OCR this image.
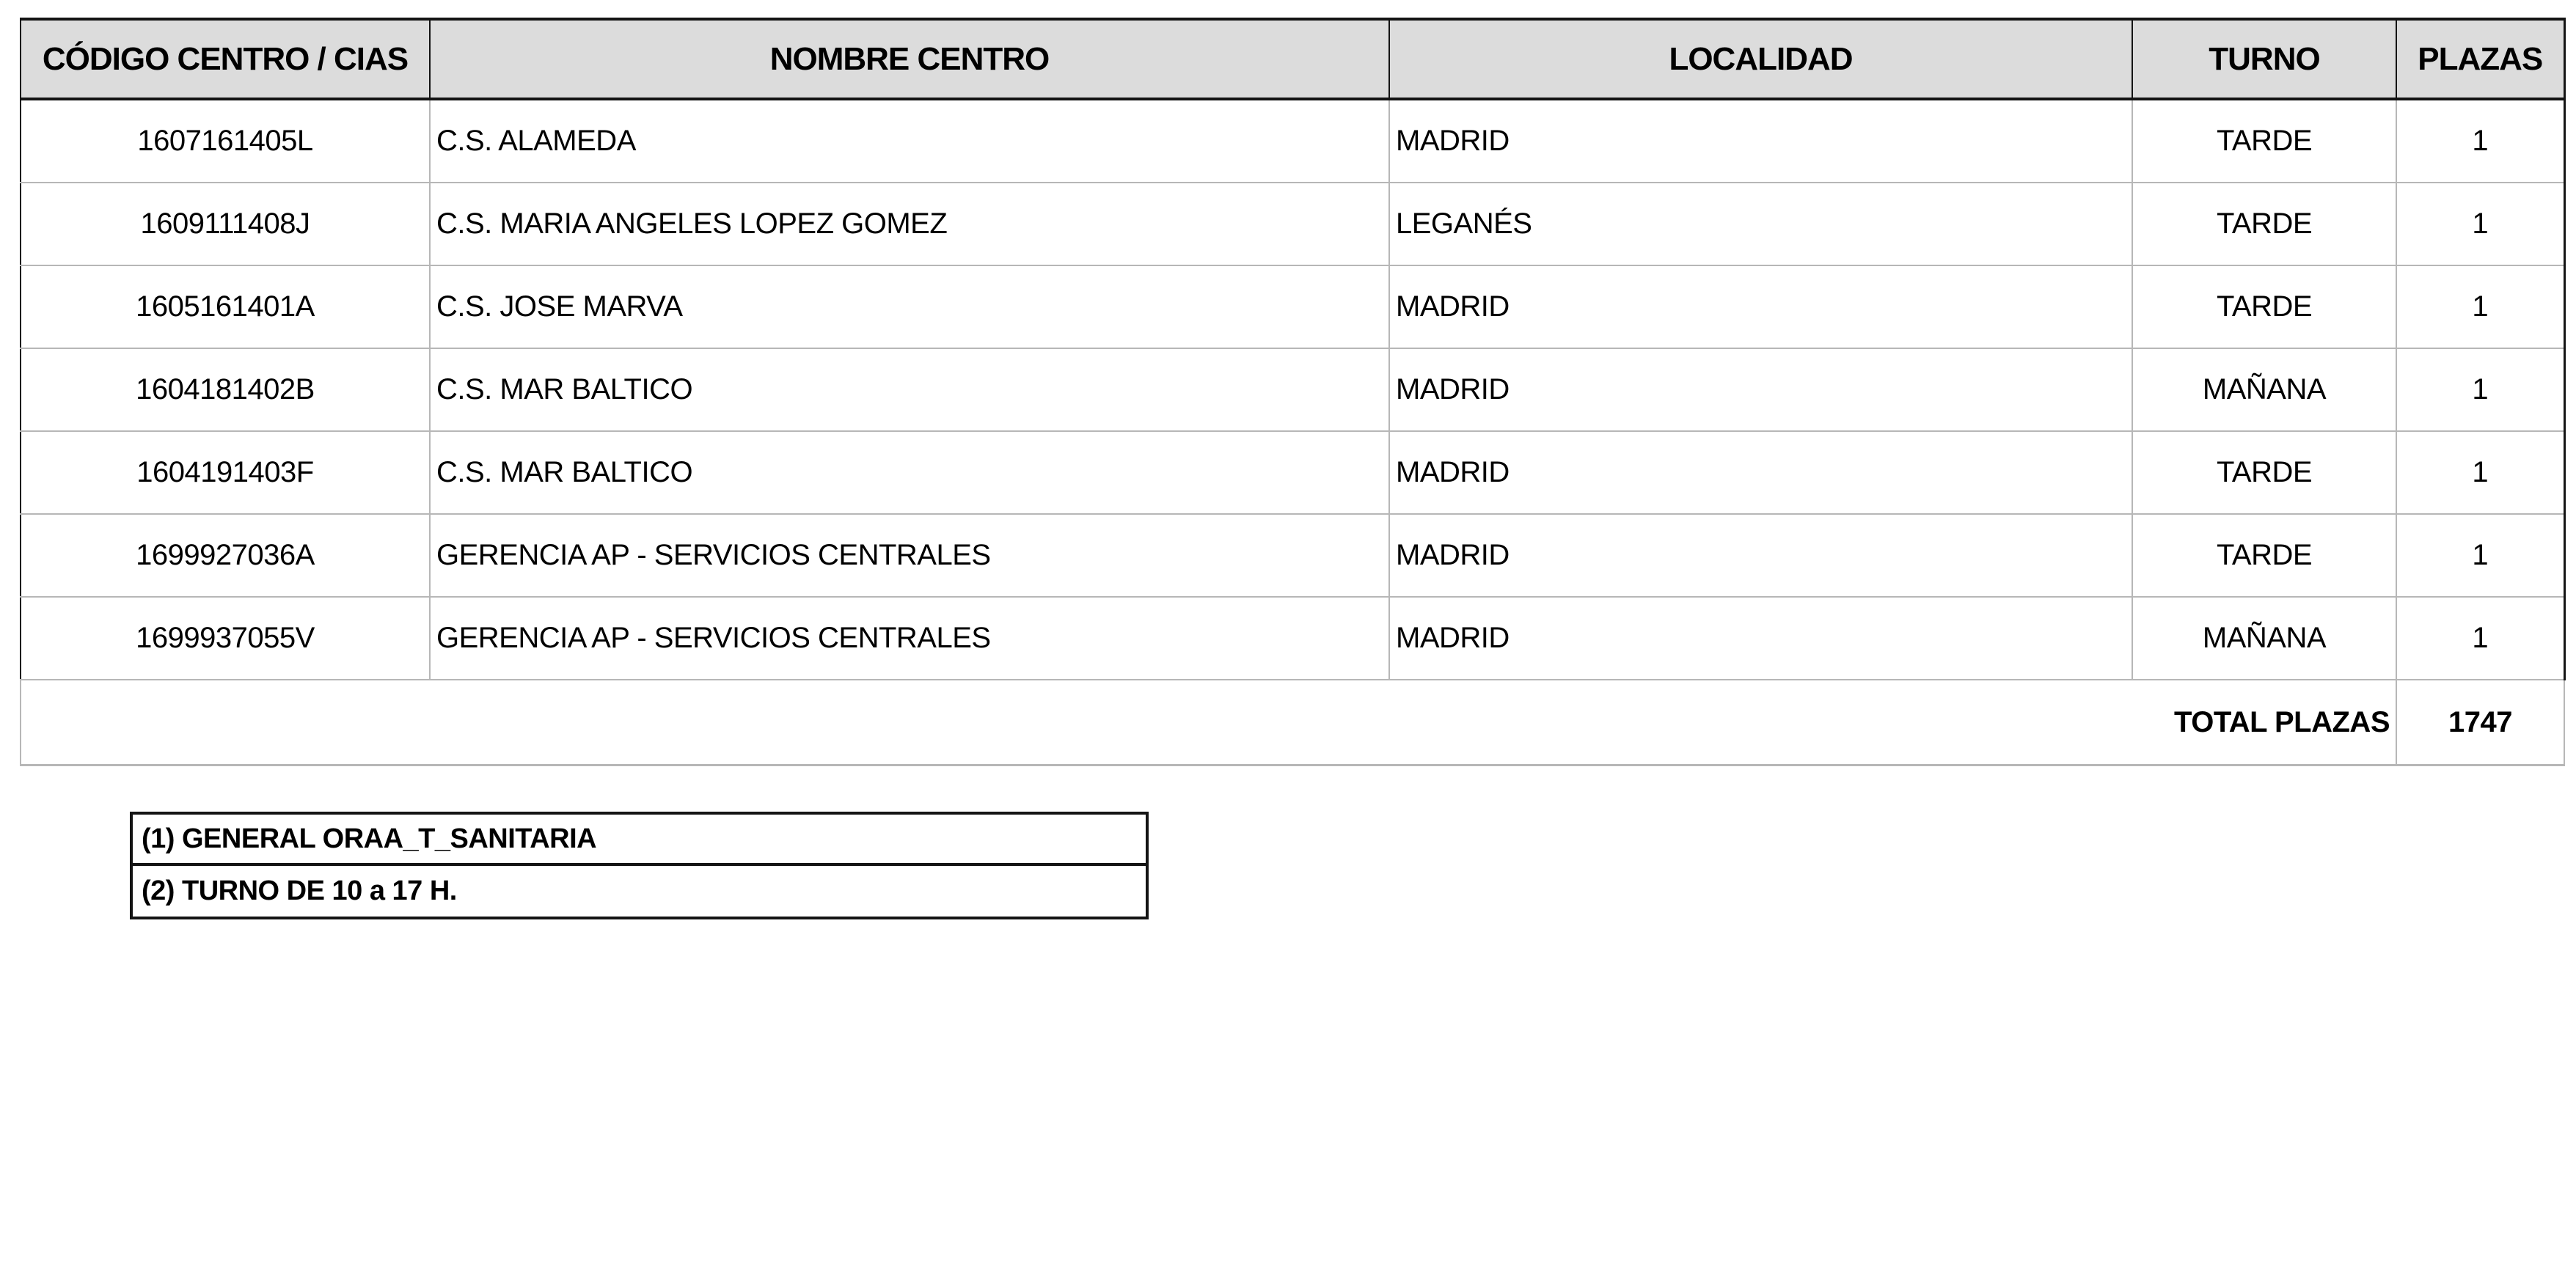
CÓDIGO CENTRO / CIAS	NOMBRE CENTRO	LOCALIDAD	TURNO	PLAZAS
1607161405L	C.S. ALAMEDA	MADRID	TARDE	1
1609111408J	C.S. MARIA ANGELES LOPEZ GOMEZ	LEGANÉS	TARDE	1
1605161401A	C.S. JOSE MARVA	MADRID	TARDE	1
1604181402B	C.S. MAR BALTICO	MADRID	MAÑANA	1
1604191403F	C.S. MAR BALTICO	MADRID	TARDE	1
1699927036A	GERENCIA AP - SERVICIOS CENTRALES	MADRID	TARDE	1
1699937055V	GERENCIA AP - SERVICIOS CENTRALES	MADRID	MAÑANA	1
TOTAL PLAZAS				1747
(1) GENERAL ORAA_T_SANITARIA
(2) TURNO DE 10 a 17 H.
